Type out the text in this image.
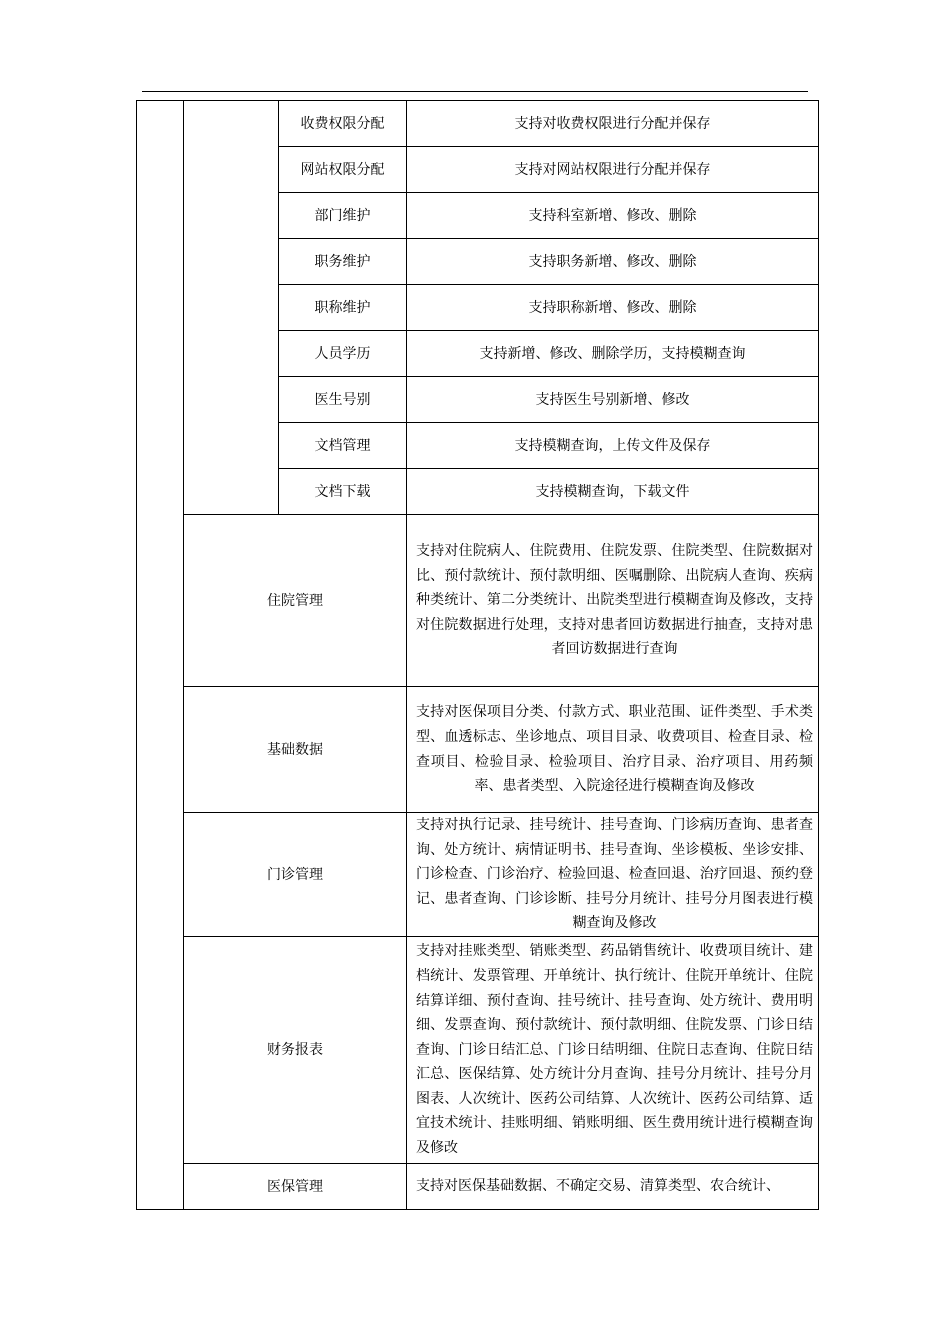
		收费权限分配	支持对收费权限进行分配并保存
		网站权限分配	支持对网站权限进行分配并保存
		部门维护	支持科室新增、修改、删除
		职务维护	支持职务新增、修改、删除
		职称维护	支持职称新增、修改、删除
		人员学历	支持新增、修改、删除学历，支持模糊查询
		医生号别	支持医生号别新增、修改
		文档管理	支持模糊查询，上传文件及保存
		文档下载	支持模糊查询，下载文件
	住院管理		支持对住院病人、住院费用、住院发票、住院类型、住院数据对比、预付款统计、预付款明细、医嘱删除、出院病人查询、疾病种类统计、第二分类统计、出院类型进行模糊查询及修改，支持对住院数据进行处理，支持对患者回访数据进行抽查，支持对患者回访数据进行查询
	基础数据		支持对医保项目分类、付款方式、职业范围、证件类型、手术类型、血透标志、坐诊地点、项目目录、收费项目、检查目录、检查项目、检验目录、检验项目、治疗目录、治疗项目、用药频率、患者类型、入院途径进行模糊查询及修改
	门诊管理		支持对执行记录、挂号统计、挂号查询、门诊病历查询、患者查询、处方统计、病情证明书、挂号查询、坐诊模板、坐诊安排、门诊检查、门诊治疗、检验回退、检查回退、治疗回退、预约登记、患者查询、门诊诊断、挂号分月统计、挂号分月图表进行模糊查询及修改
	财务报表		支持对挂账类型、销账类型、药品销售统计、收费项目统计、建档统计、发票管理、开单统计、执行统计、住院开单统计、住院结算详细、预付查询、挂号统计、挂号查询、处方统计、费用明细、发票查询、预付款统计、预付款明细、住院发票、门诊日结查询、门诊日结汇总、门诊日结明细、住院日志查询、住院日结汇总、医保结算、处方统计分月查询、挂号分月统计、挂号分月图表、人次统计、医药公司结算、人次统计、医药公司结算、适宜技术统计、挂账明细、销账明细、医生费用统计进行模糊查询及修改
	医保管理		支持对医保基础数据、不确定交易、清算类型、农合统计、
